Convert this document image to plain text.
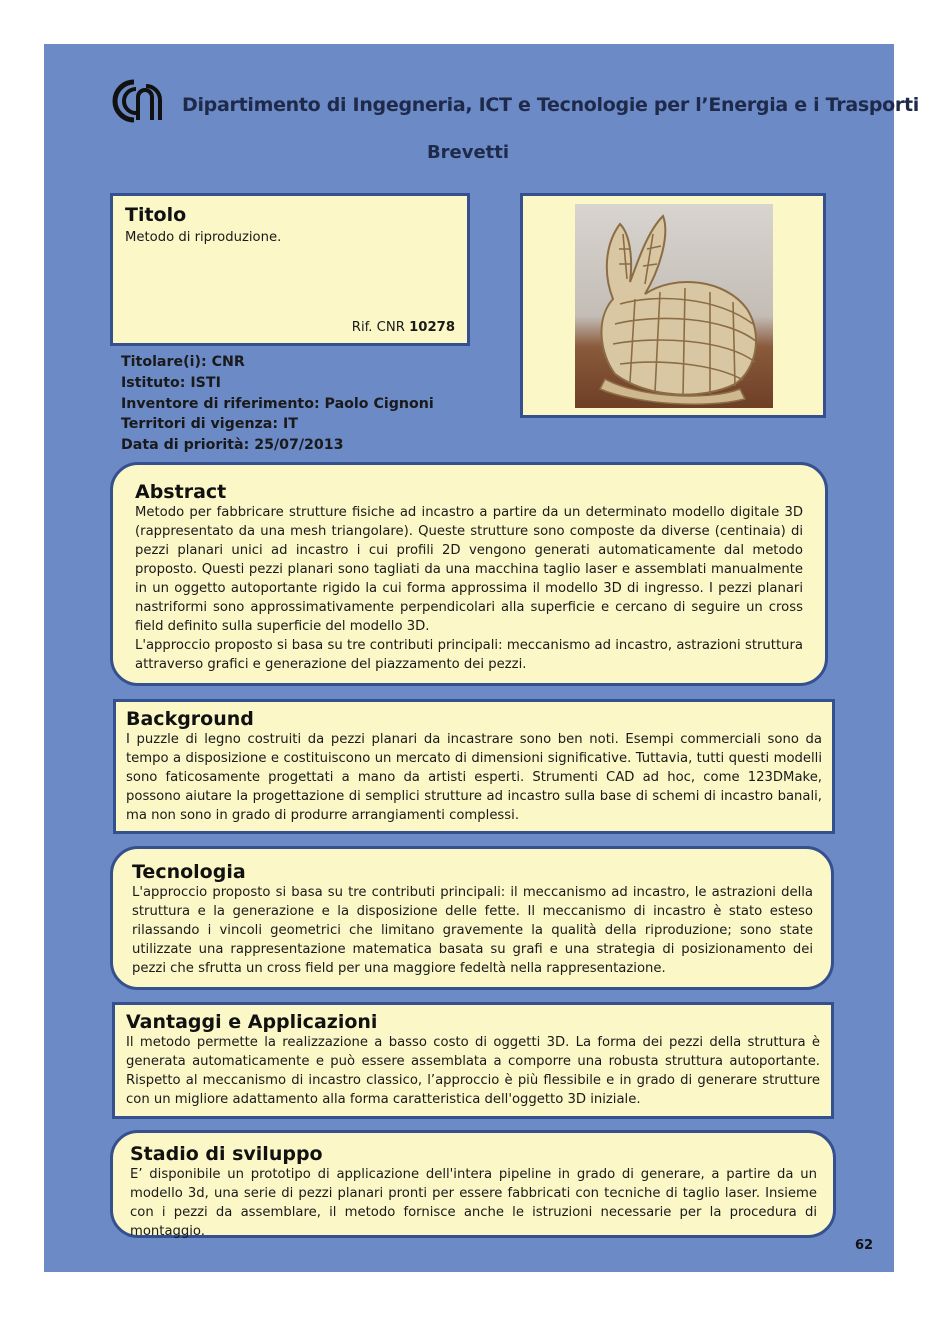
Dipartimento di Ingegneria, ICT e Tecnologie per l’Energia e i Trasporti
Brevetti
Titolo
Metodo di riproduzione.
Rif. CNR 10278
Titolare(i): CNR
Istituto: ISTI
Inventore di riferimento: Paolo Cignoni
Territori di vigenza: IT
Data di priorità: 25/07/2013
Abstract

Metodo per fabbricare strutture fisiche ad incastro a partire da un determinato modello digitale 3D (rappresentato da una mesh triangolare). Queste strutture sono composte da diverse (centinaia) di pezzi planari unici ad incastro i cui profili 2D vengono generati automaticamente dal metodo proposto. Questi pezzi planari sono tagliati da una macchina taglio laser e assemblati manualmente in un oggetto autoportante rigido la cui forma approssima il modello 3D di ingresso. I pezzi planari nastriformi sono approssimativamente perpendicolari alla superficie e cercano di seguire un cross field definito sulla superficie del modello 3D.

L'approccio proposto si basa su tre contributi principali: meccanismo ad incastro, astrazioni struttura attraverso grafici e generazione del piazzamento dei pezzi.

Background

I puzzle di legno costruiti da pezzi planari da incastrare sono ben noti. Esempi commerciali sono da tempo a disposizione e costituiscono un mercato di dimensioni significative. Tuttavia, tutti questi modelli sono faticosamente progettati a mano da artisti esperti. Strumenti CAD ad hoc, come 123DMake, possono aiutare la progettazione di semplici strutture ad incastro sulla base di schemi di incastro banali, ma non sono in grado di produrre arrangiamenti complessi.

Tecnologia

L'approccio proposto si basa su tre contributi principali: il meccanismo ad incastro, le astrazioni della struttura e la generazione e la disposizione delle fette. Il meccanismo di incastro è stato esteso rilassando i vincoli geometrici che limitano gravemente la qualità della riproduzione; sono state utilizzate una rappresentazione matematica basata su grafi e una strategia di posizionamento dei pezzi che sfrutta un cross field per una maggiore fedeltà nella rappresentazione.

Vantaggi e Applicazioni

Il metodo permette la realizzazione a basso costo di oggetti 3D. La forma dei pezzi della struttura è generata automaticamente e può essere assemblata a comporre una robusta struttura autoportante. Rispetto al meccanismo di incastro classico, l’approccio è più flessibile e in grado di generare strutture con un migliore adattamento alla forma caratteristica dell'oggetto 3D iniziale.

Stadio di sviluppo

E’ disponibile un prototipo di applicazione dell'intera pipeline in grado di generare, a partire da un modello 3d, una serie di pezzi planari pronti per essere fabbricati con tecniche di taglio laser. Insieme con i pezzi da assemblare, il metodo fornisce anche le istruzioni necessarie per la procedura di montaggio.

62
